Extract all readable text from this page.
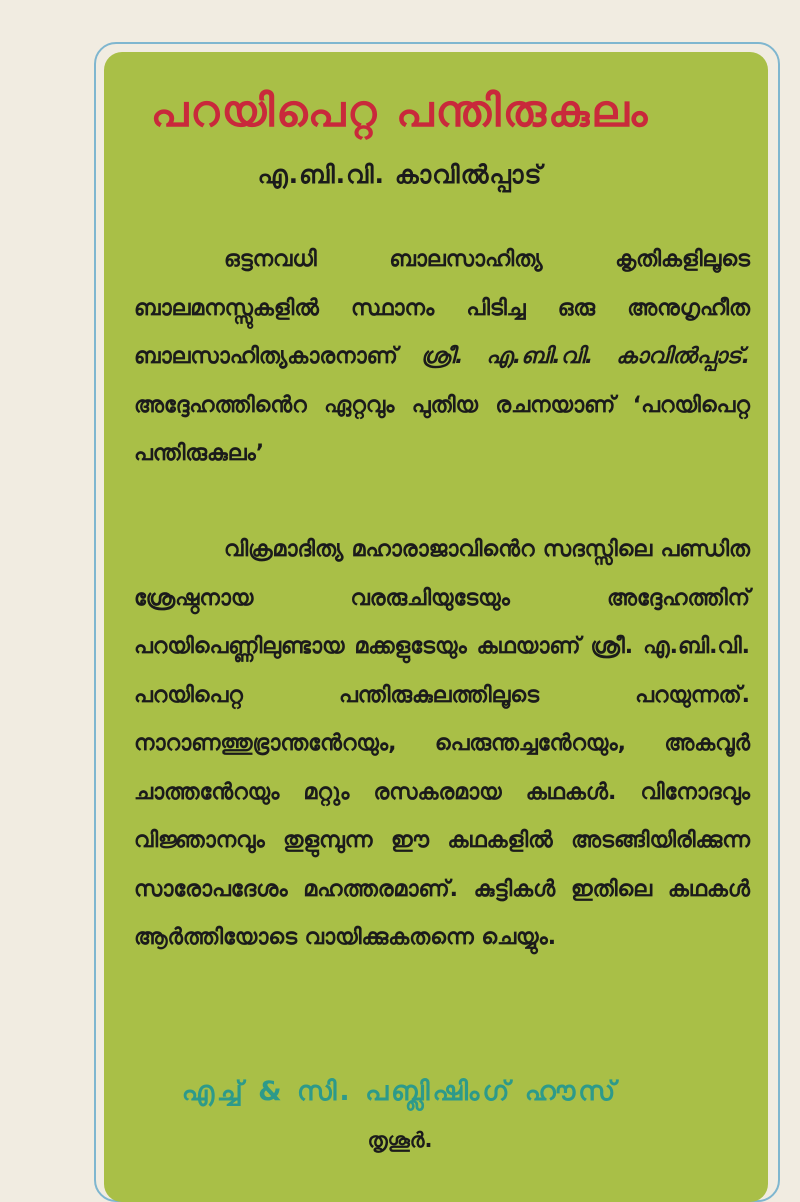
പറയിപെറ്റ പന്തിരുകുലം
എ.ബി.വി. കാവിൽപ്പാട്

ഒട്ടനവധി ബാലസാഹിത്യ കൃതികളിലൂടെ ബാലമനസ്സുകളിൽ സ്ഥാനം പിടിച്ച ഒരു അനുഗൃഹീത ബാലസാഹിത്യകാരനാണ് ശ്രീ. എ.ബി.വി. കാവിൽപ്പാട്. അദ്ദേഹത്തിൻെറ ഏറ്റവും പുതിയ രചനയാണ് ‘പറയിപെറ്റ പന്തിരുകുലം’

വിക്രമാദിത്യ മഹാരാജാവിൻെറ സദസ്സിലെ പണ്ഡിത ശ്രേഷ്ഠനായ വരരുചിയുടേയും അദ്ദേഹത്തിന് പറയിപെണ്ണിലുണ്ടായ മക്കളുടേയും കഥയാണ് ശ്രീ. എ.ബി.വി. പറയിപെറ്റ പന്തിരുകുലത്തിലൂടെ പറയുന്നത്. നാറാണത്തുഭ്രാന്തൻേറയും, പെരുന്തച്ചൻേറയും, അകവൂർ ചാത്തൻേറയും മറ്റും രസകരമായ കഥകൾ. വിനോദവും വിജ്ഞാനവും തുളുമ്പുന്ന ഈ കഥകളിൽ അടങ്ങിയിരിക്കുന്ന സാരോപദേശം മഹത്തരമാണ്. കുട്ടികൾ ഇതിലെ കഥകൾ ആർത്തിയോടെ വായിക്കുകതന്നെ ചെയ്യും.

എച്ച് & സി. പബ്ലിഷിംഗ് ഹൗസ്
തൃശൂർ.
